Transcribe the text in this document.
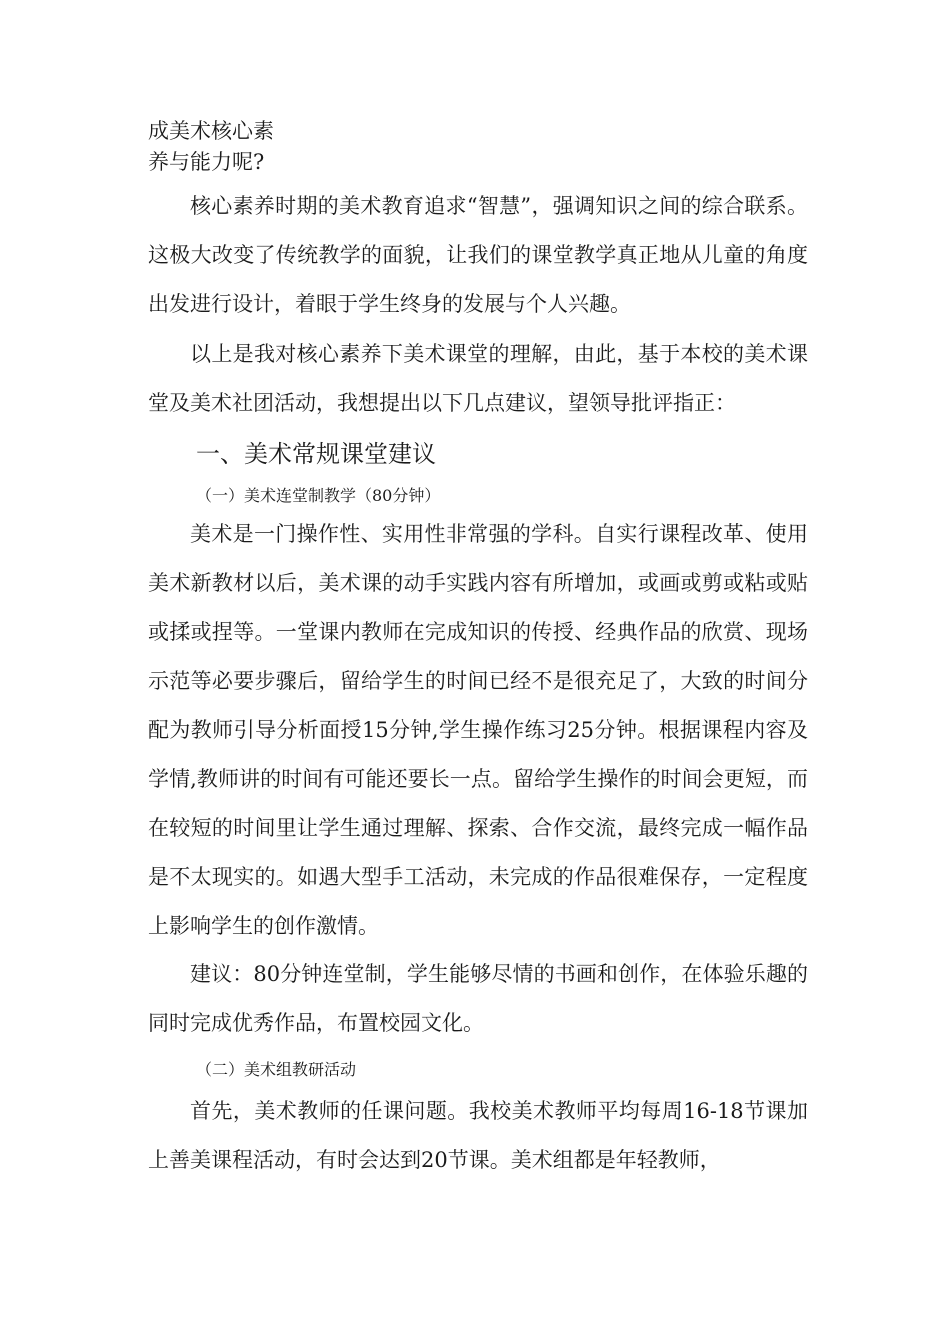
成美术核心素
养与能力呢?

核心素养时期的美术教育追求“智慧”，强调知识之间的综合联系。这极大改变了传统教学的面貌，让我们的课堂教学真正地从儿童的角度出发进行设计，着眼于学生终身的发展与个人兴趣。

以上是我对核心素养下美术课堂的理解，由此，基于本校的美术课堂及美术社团活动，我想提出以下几点建议，望领导批评指正：

一、美术常规课堂建议
（一）美术连堂制教学（80分钟）

美术是一门操作性、实用性非常强的学科。自实行课程改革、使用美术新教材以后，美术课的动手实践内容有所增加，或画或剪或粘或贴或揉或捏等。一堂课内教师在完成知识的传授、经典作品的欣赏、现场示范等必要步骤后，留给学生的时间已经不是很充足了，大致的时间分配为教师引导分析面授15分钟,学生操作练习25分钟。根据课程内容及学情,教师讲的时间有可能还要长一点。留给学生操作的时间会更短，而在较短的时间里让学生通过理解、探索、合作交流，最终完成一幅作品是不太现实的。如遇大型手工活动，未完成的作品很难保存，一定程度上影响学生的创作激情。

建议：80分钟连堂制，学生能够尽情的书画和创作，在体验乐趣的同时完成优秀作品，布置校园文化。

（二）美术组教研活动

首先，美术教师的任课问题。我校美术教师平均每周16-18节课加上善美课程活动，有时会达到20节课。美术组都是年轻教师，
